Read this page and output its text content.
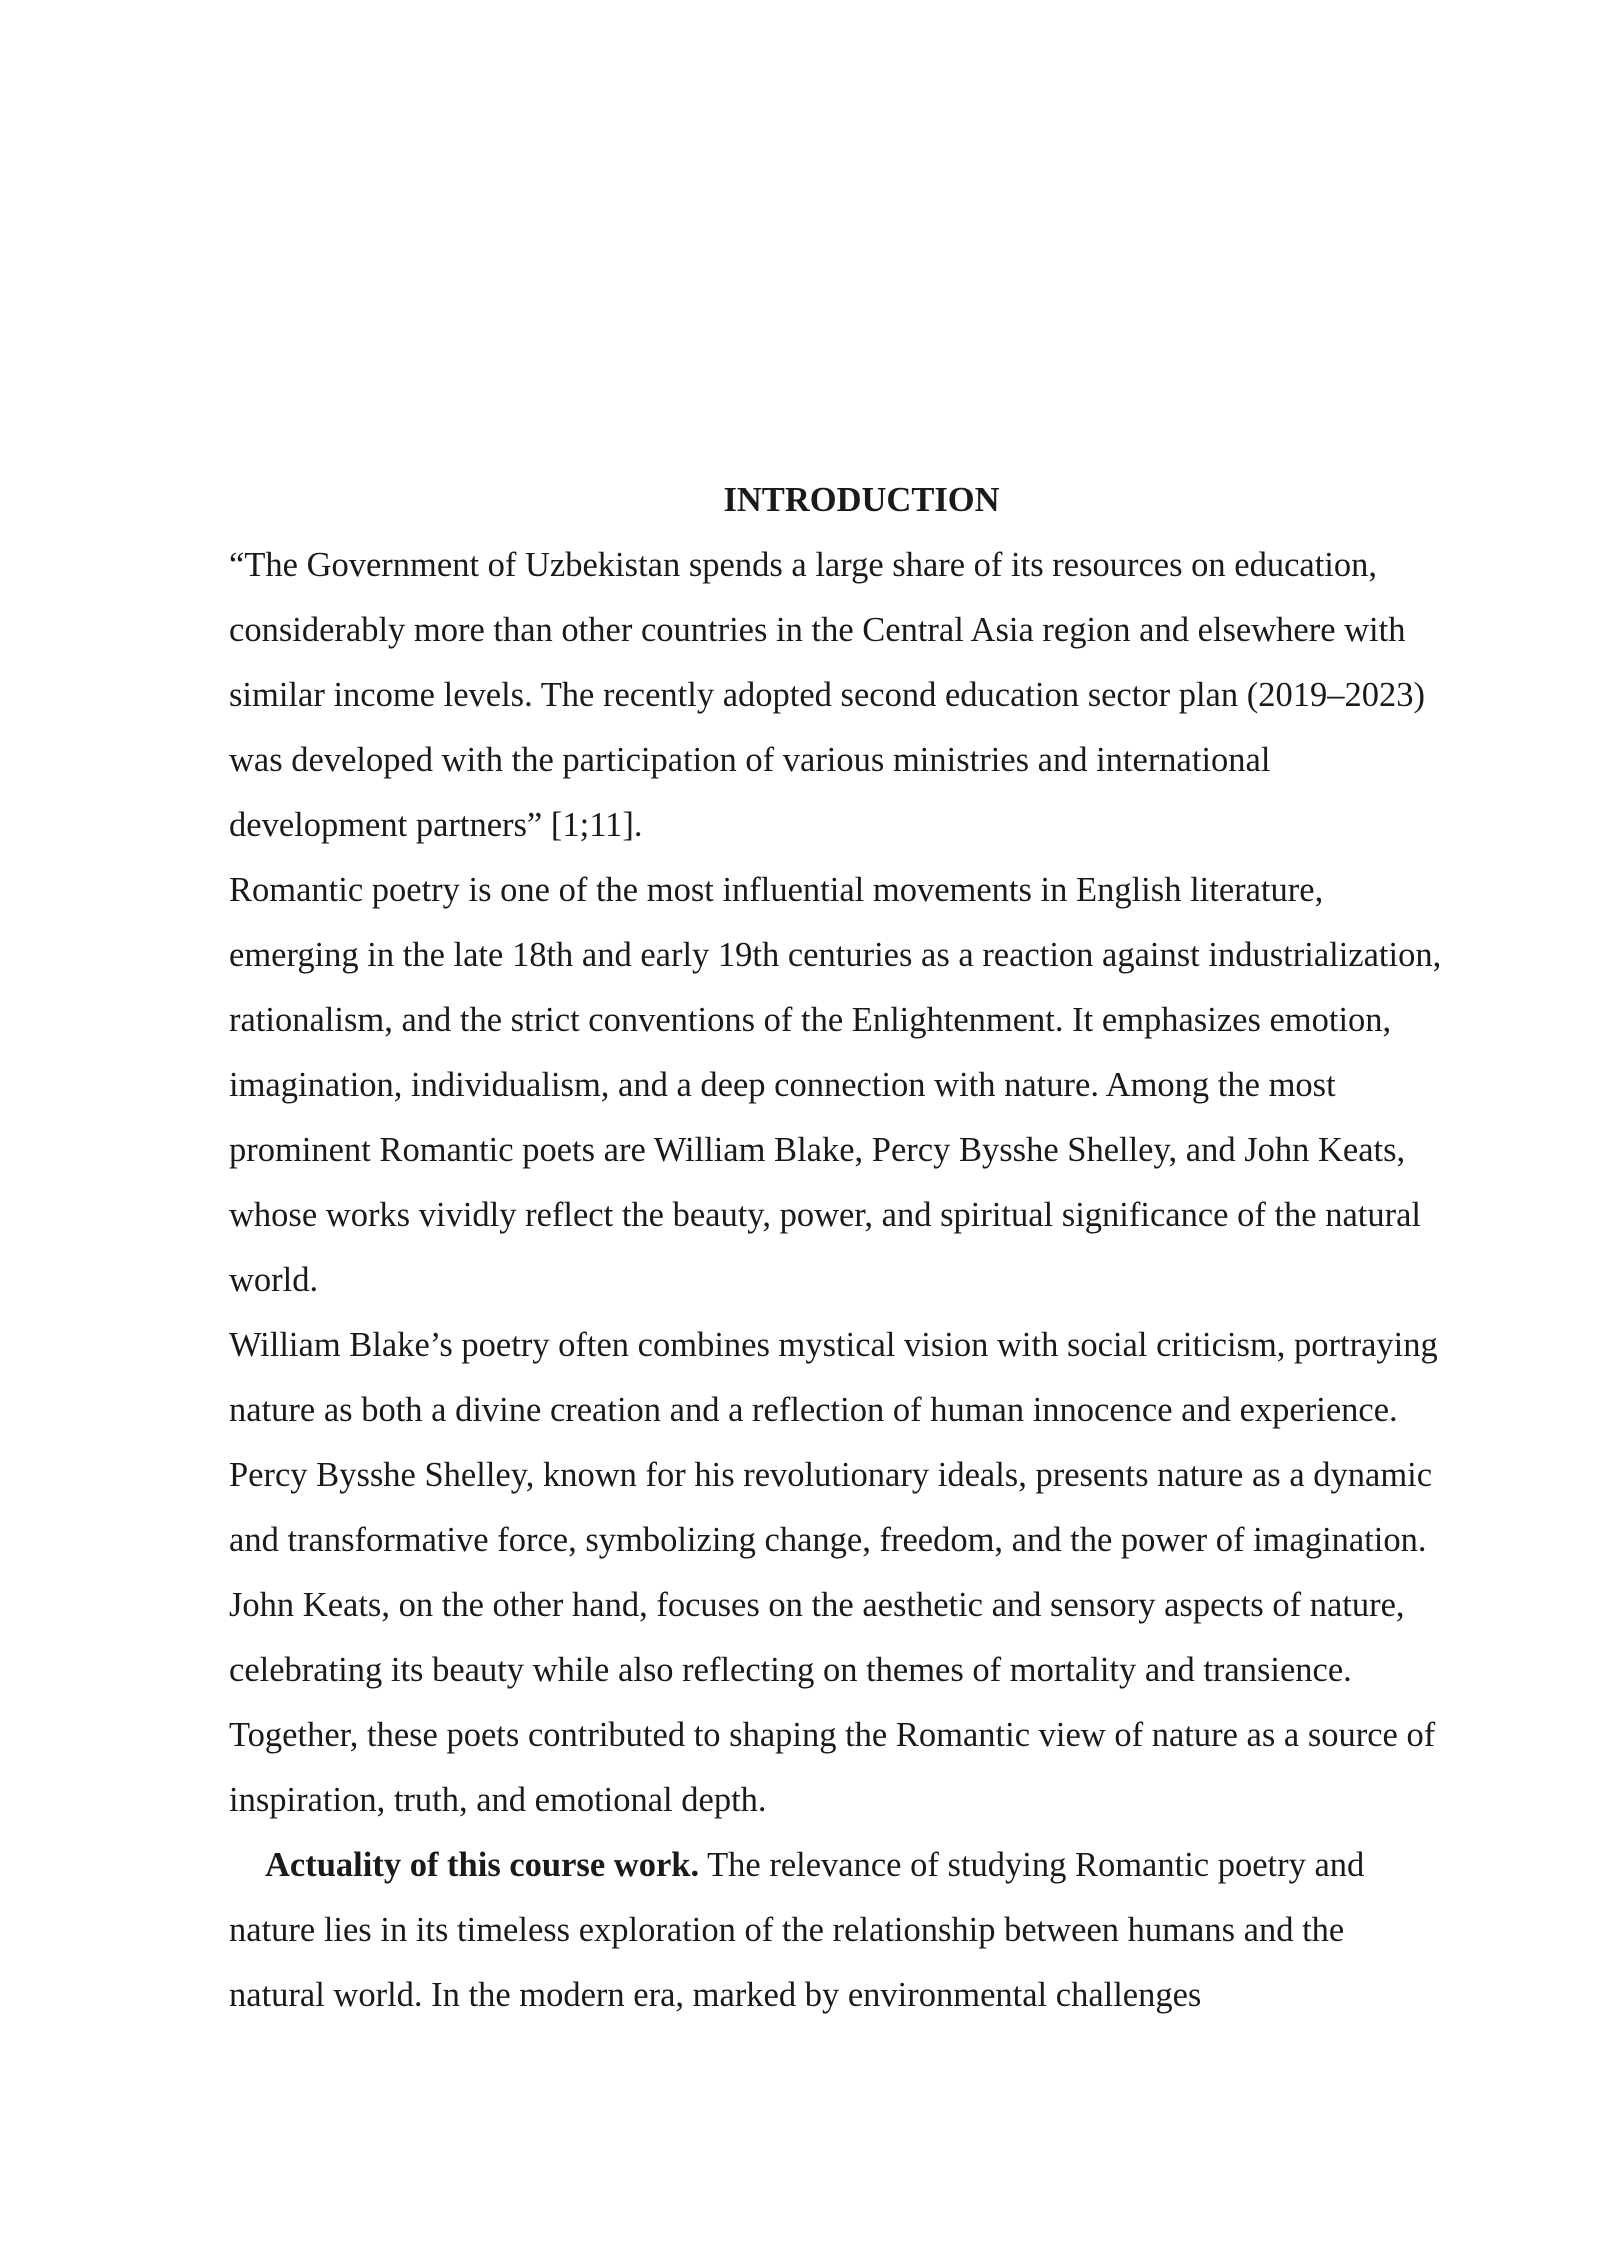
INTRODUCTION

“The Government of Uzbekistan spends a large share of its resources on education, considerably more than other countries in the Central Asia region and elsewhere with similar income levels. The recently adopted second education sector plan (2019–2023) was developed with the participation of various ministries and international development partners” [1;11].

Romantic poetry is one of the most influential movements in English literature, emerging in the late 18th and early 19th centuries as a reaction against industrialization, rationalism, and the strict conventions of the Enlightenment. It emphasizes emotion, imagination, individualism, and a deep connection with nature. Among the most prominent Romantic poets are William Blake, Percy Bysshe Shelley, and John Keats, whose works vividly reflect the beauty, power, and spiritual significance of the natural world.

William Blake’s poetry often combines mystical vision with social criticism, portraying nature as both a divine creation and a reflection of human innocence and experience. Percy Bysshe Shelley, known for his revolutionary ideals, presents nature as a dynamic and transformative force, symbolizing change, freedom, and the power of imagination. John Keats, on the other hand, focuses on the aesthetic and sensory aspects of nature, celebrating its beauty while also reflecting on themes of mortality and transience. Together, these poets contributed to shaping the Romantic view of nature as a source of inspiration, truth, and emotional depth.

Actuality of this course work. The relevance of studying Romantic poetry and nature lies in its timeless exploration of the relationship between humans and the natural world. In the modern era, marked by environmental challenges
